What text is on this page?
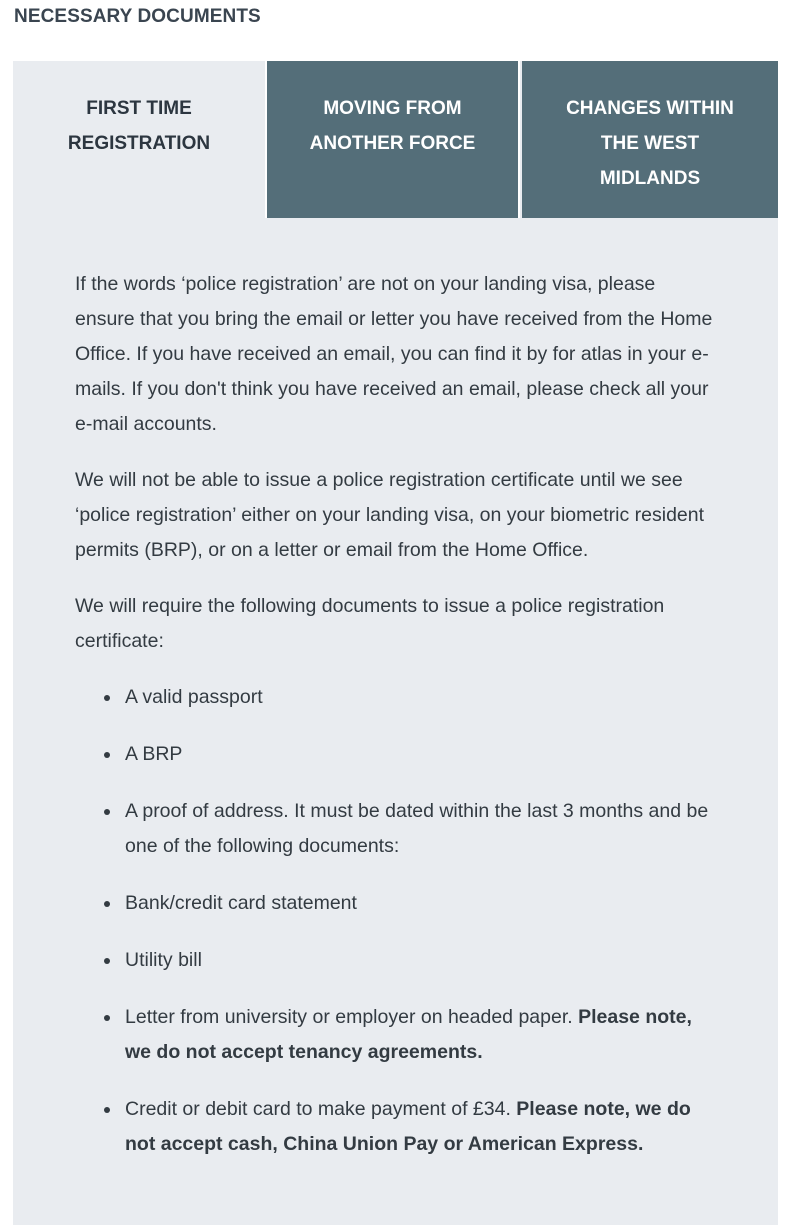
NECESSARY DOCUMENTS
FIRST TIME
REGISTRATION
MOVING FROM
ANOTHER FORCE
CHANGES WITHIN
THE WEST
MIDLANDS

If the words ‘police registration’ are not on your landing visa, please ensure that you bring the email or letter you have received from the Home Office. If you have received an email, you can find it by for atlas in your e-mails. If you don't think you have received an email, please check all your e-mail accounts.

We will not be able to issue a police registration certificate until we see ‘police registration’ either on your landing visa, on your biometric resident permits (BRP), or on a letter or email from the Home Office.

We will require the following documents to issue a police registration certificate:

A valid passport
A BRP
A proof of address. It must be dated within the last 3 months and be one of the following documents:
Bank/credit card statement
Utility bill
Letter from university or employer on headed paper. Please note, we do not accept tenancy agreements.
Credit or debit card to make payment of £34. Please note, we do not accept cash, China Union Pay or American Express.
